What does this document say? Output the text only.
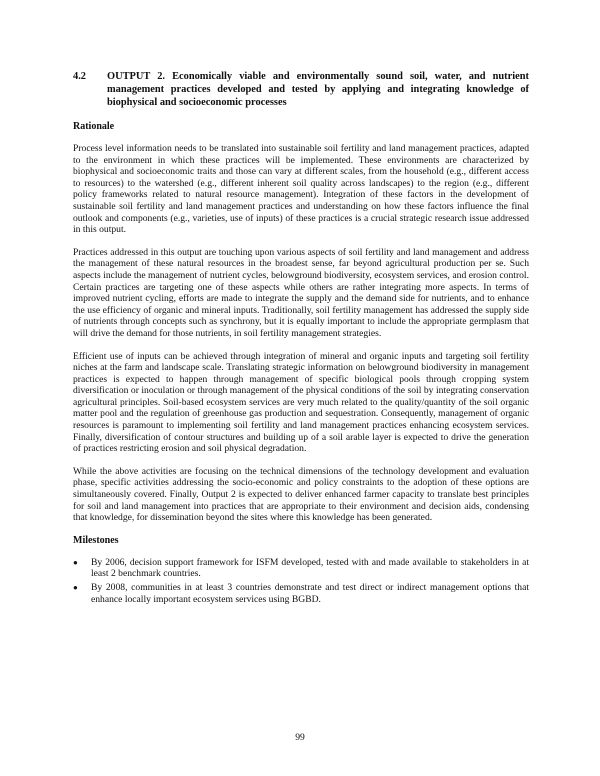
4.2	OUTPUT 2. Economically viable and environmentally sound soil, water, and nutrient management practices developed and tested by applying and integrating knowledge of biophysical and socioeconomic processes
Rationale

Process level information needs to be translated into sustainable soil fertility and land management practices, adapted to the environment in which these practices will be implemented. These environments are characterized by biophysical and socioeconomic traits and those can vary at different scales, from the household (e.g., different access to resources) to the watershed (e.g., different inherent soil quality across landscapes) to the region (e.g., different policy frameworks related to natural resource management). Integration of these factors in the development of sustainable soil fertility and land management practices and understanding on how these factors influence the final outlook and components (e.g., varieties, use of inputs) of these practices is a crucial strategic research issue addressed in this output.

Practices addressed in this output are touching upon various aspects of soil fertility and land management and address the management of these natural resources in the broadest sense, far beyond agricultural production per se. Such aspects include the management of nutrient cycles, belowground biodiversity, ecosystem services, and erosion control. Certain practices are targeting one of these aspects while others are rather integrating more aspects. In terms of improved nutrient cycling, efforts are made to integrate the supply and the demand side for nutrients, and to enhance the use efficiency of organic and mineral inputs. Traditionally, soil fertility management has addressed the supply side of nutrients through concepts such as synchrony, but it is equally important to include the appropriate germplasm that will drive the demand for those nutrients, in soil fertility management strategies.

Efficient use of inputs can be achieved through integration of mineral and organic inputs and targeting soil fertility niches at the farm and landscape scale. Translating strategic information on belowground biodiversity in management practices is expected to happen through management of specific biological pools through cropping system diversification or inoculation or through management of the physical conditions of the soil by integrating conservation agricultural principles. Soil-based ecosystem services are very much related to the quality/quantity of the soil organic matter pool and the regulation of greenhouse gas production and sequestration. Consequently, management of organic resources is paramount to implementing soil fertility and land management practices enhancing ecosystem services. Finally, diversification of contour structures and building up of a soil arable layer is expected to drive the generation of practices restricting erosion and soil physical degradation.

While the above activities are focusing on the technical dimensions of the technology development and evaluation phase, specific activities addressing the socio-economic and policy constraints to the adoption of these options are simultaneously covered. Finally, Output 2 is expected to deliver enhanced farmer capacity to translate best principles for soil and land management into practices that are appropriate to their environment and decision aids, condensing that knowledge, for dissemination beyond the sites where this knowledge has been generated.

Milestones
●	By 2006, decision support framework for ISFM developed, tested with and made available to stakeholders in at least 2 benchmark countries.
●	By 2008, communities in at least 3 countries demonstrate and test direct or indirect management options that enhance locally important ecosystem services using BGBD.
99
